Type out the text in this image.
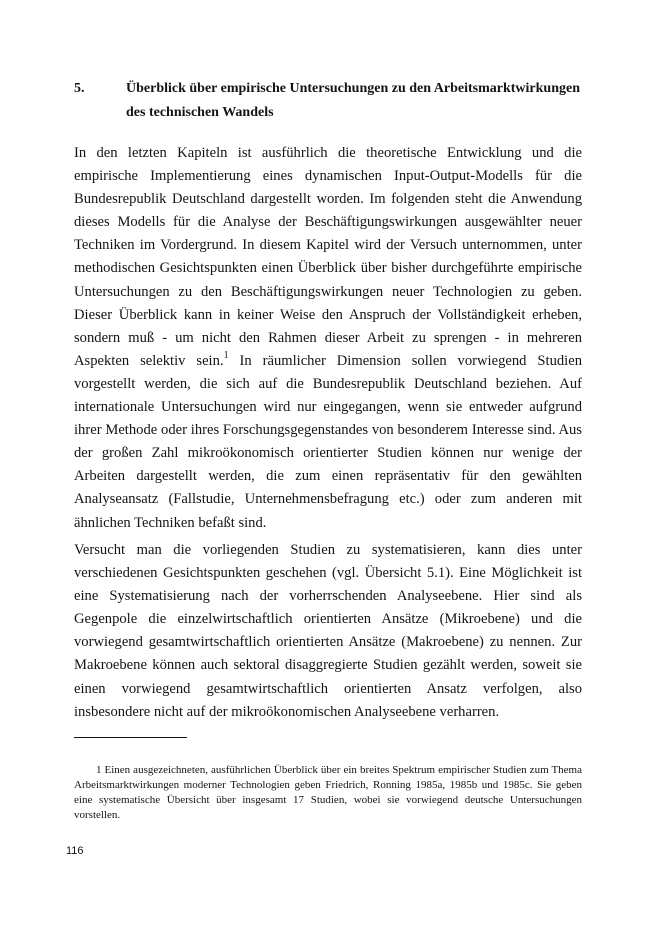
5.	Überblick über empirische Untersuchungen zu den Arbeitsmarktwirkungen des technischen Wandels

In den letzten Kapiteln ist ausführlich die theoretische Entwicklung und die empirische Implementierung eines dynamischen Input-Output-Modells für die Bundesrepublik Deutschland dargestellt worden. Im folgenden steht die Anwendung dieses Modells für die Analyse der Beschäftigungswirkungen ausgewählter neuer Techniken im Vordergrund. In diesem Kapitel wird der Versuch unternommen, unter methodischen Gesichtspunkten einen Überblick über bisher durchgeführte empirische Untersuchungen zu den Beschäftigungswirkungen neuer Technologien zu geben. Dieser Überblick kann in keiner Weise den Anspruch der Vollständigkeit erheben, sondern muß - um nicht den Rahmen dieser Arbeit zu sprengen - in mehreren Aspekten selektiv sein.$^1$ In räumlicher Dimension sollen vorwiegend Studien vorgestellt werden, die sich auf die Bundesrepublik Deutschland beziehen. Auf internationale Untersuchungen wird nur eingegangen, wenn sie entweder aufgrund ihrer Methode oder ihres Forschungsgegenstandes von besonderem Interesse sind. Aus der großen Zahl mikroökonomisch orientierter Studien können nur wenige der Arbeiten dargestellt werden, die zum einen repräsentativ für den gewählten Analyseansatz (Fallstudie, Unternehmensbefragung etc.) oder zum anderen mit ähnlichen Techniken befaßt sind.

Versucht man die vorliegenden Studien zu systematisieren, kann dies unter verschiedenen Gesichtspunkten geschehen (vgl. Übersicht 5.1). Eine Möglichkeit ist eine Systematisierung nach der vorherrschenden Analyseebene. Hier sind als Gegenpole die einzelwirtschaftlich orientierten Ansätze (Mikroebene) und die vorwiegend gesamtwirtschaftlich orientierten Ansätze (Makroebene) zu nennen. Zur Makroebene können auch sektoral disaggregierte Studien gezählt werden, soweit sie einen vorwiegend gesamtwirtschaftlich orientierten Ansatz verfolgen, also insbesondere nicht auf der mikroökonomischen Analyseebene verharren.

1 Einen ausgezeichneten, ausführlichen Überblick über ein breites Spektrum empirischer Studien zum Thema Arbeitsmarktwirkungen moderner Technologien geben Friedrich, Ronning 1985a, 1985b und 1985c. Sie geben eine systematische Übersicht über insgesamt 17 Studien, wobei sie vorwiegend deutsche Untersuchungen vorstellen.

116
